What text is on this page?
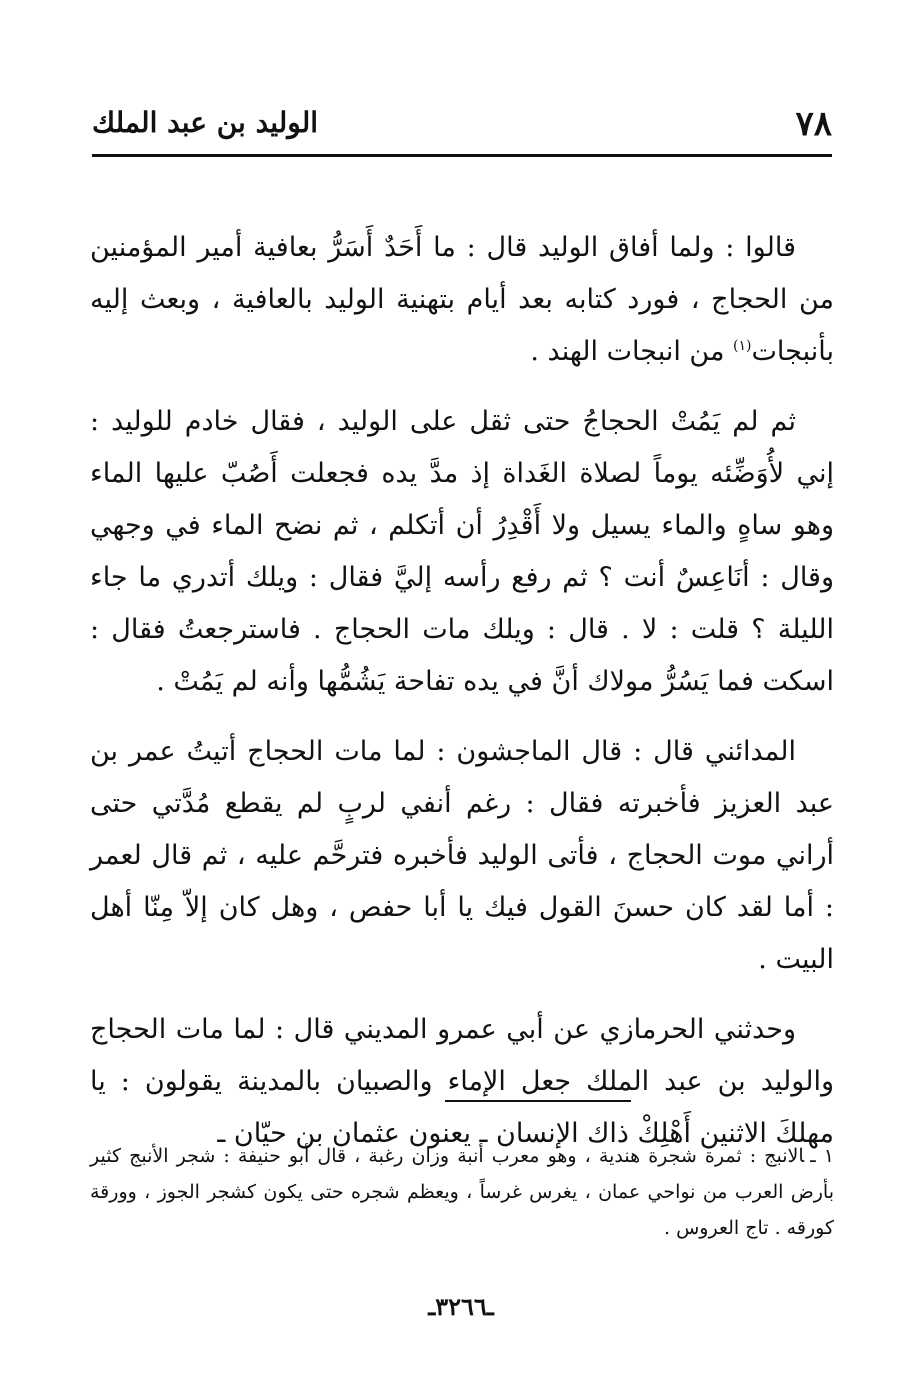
٧٨
الوليد بن عبد الملك

قالوا : ولما أفاق الوليد قال : ما أَحَدٌ أَسَرُّ بعافية أمير المؤمنين من الحجاج ، فورد كتابه بعد أيام بتهنية الوليد بالعافية ، وبعث إليه بأنبجات$^{(١)}$ من انبجات الهند .

ثم لم يَمُتْ الحجاجُ حتى ثقل على الوليد ، فقال خادم للوليد : إني لأُوَضِّئه يوماً لصلاة الغَداة إذ مدَّ يده فجعلت أَصُبّ عليها الماء وهو ساهٍ والماء يسيل ولا أَقْدِرُ أن أتكلم ، ثم نضح الماء في وجهي وقال : أنَاعِسٌ أنت ؟ ثم رفع رأسه إليَّ فقال : ويلك أتدري ما جاء الليلة ؟ قلت : لا . قال : ويلك مات الحجاج . فاسترجعتُ فقال : اسكت فما يَسُرُّ مولاك أنَّ في يده تفاحة يَشُمُّها وأنه لم يَمُتْ .

المدائني قال : قال الماجشون : لما مات الحجاج أتيتُ عمر بن عبد العزيز فأخبرته فقال : رغم أنفي لربٍ لم يقطع مُدَّتي حتى أراني موت الحجاج ، فأتى الوليد فأخبره فترحَّم عليه ، ثم قال لعمر : أما لقد كان حسنَ القول فيك يا أبا حفص ، وهل كان إلاّ مِنّا أهل البيت .

وحدثني الحرمازي عن أبي عمرو المديني قال : لما مات الحجاج والوليد بن عبد الملك جعل الإماء والصبيان بالمدينة يقولون : يا مهلكَ الاثنين أَهْلِكْ ذاك الإنسان ـ يعنون عثمان بن حيّان ـ

١ ـالانبج : ثمرة شجرة هندية ، وهو معرب أنبة وزان رغبة ، قال أبو حنيفة : شجر الأنبج كثير بأرض العرب من نواحي عمان ، يغرس غرساً ، ويعظم شجره حتى يكون كشجر الجوز ، وورقة كورقه . تاج العروس .
ـ٣٢٦٦ـ
